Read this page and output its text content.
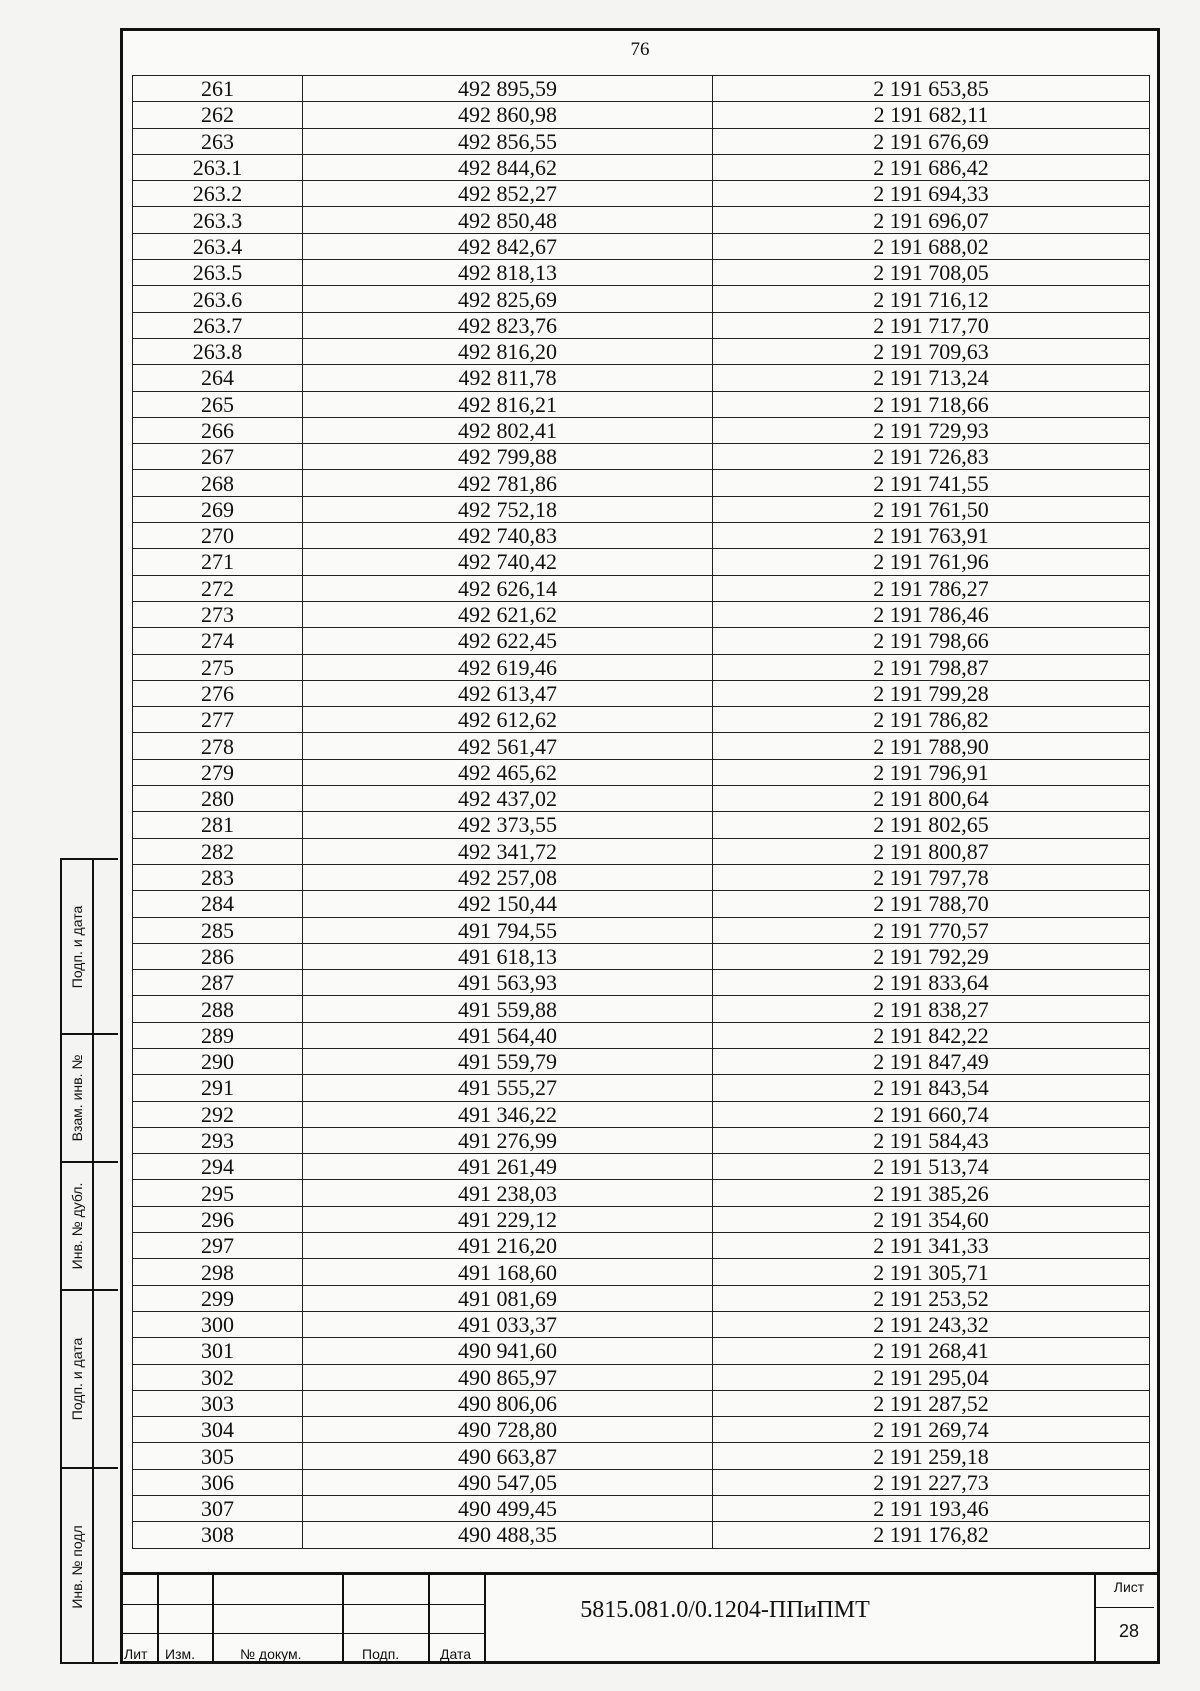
76
261	492 895,59	2 191 653,85
262	492 860,98	2 191 682,11
263	492 856,55	2 191 676,69
263.1	492 844,62	2 191 686,42
263.2	492 852,27	2 191 694,33
263.3	492 850,48	2 191 696,07
263.4	492 842,67	2 191 688,02
263.5	492 818,13	2 191 708,05
263.6	492 825,69	2 191 716,12
263.7	492 823,76	2 191 717,70
263.8	492 816,20	2 191 709,63
264	492 811,78	2 191 713,24
265	492 816,21	2 191 718,66
266	492 802,41	2 191 729,93
267	492 799,88	2 191 726,83
268	492 781,86	2 191 741,55
269	492 752,18	2 191 761,50
270	492 740,83	2 191 763,91
271	492 740,42	2 191 761,96
272	492 626,14	2 191 786,27
273	492 621,62	2 191 786,46
274	492 622,45	2 191 798,66
275	492 619,46	2 191 798,87
276	492 613,47	2 191 799,28
277	492 612,62	2 191 786,82
278	492 561,47	2 191 788,90
279	492 465,62	2 191 796,91
280	492 437,02	2 191 800,64
281	492 373,55	2 191 802,65
282	492 341,72	2 191 800,87
283	492 257,08	2 191 797,78
284	492 150,44	2 191 788,70
285	491 794,55	2 191 770,57
286	491 618,13	2 191 792,29
287	491 563,93	2 191 833,64
288	491 559,88	2 191 838,27
289	491 564,40	2 191 842,22
290	491 559,79	2 191 847,49
291	491 555,27	2 191 843,54
292	491 346,22	2 191 660,74
293	491 276,99	2 191 584,43
294	491 261,49	2 191 513,74
295	491 238,03	2 191 385,26
296	491 229,12	2 191 354,60
297	491 216,20	2 191 341,33
298	491 168,60	2 191 305,71
299	491 081,69	2 191 253,52
300	491 033,37	2 191 243,32
301	490 941,60	2 191 268,41
302	490 865,97	2 191 295,04
303	490 806,06	2 191 287,52
304	490 728,80	2 191 269,74
305	490 663,87	2 191 259,18
306	490 547,05	2 191 227,73
307	490 499,45	2 191 193,46
308	490 488,35	2 191 176,82
Подп. и дата
Взам. инв. №
Инв. № дубл.
Подп. и дата
Инв. № подл
Лит Изм.	№ докум.	Подп.	Дата
5815.081.0/0.1204-ППиПМТ
Лист
28
